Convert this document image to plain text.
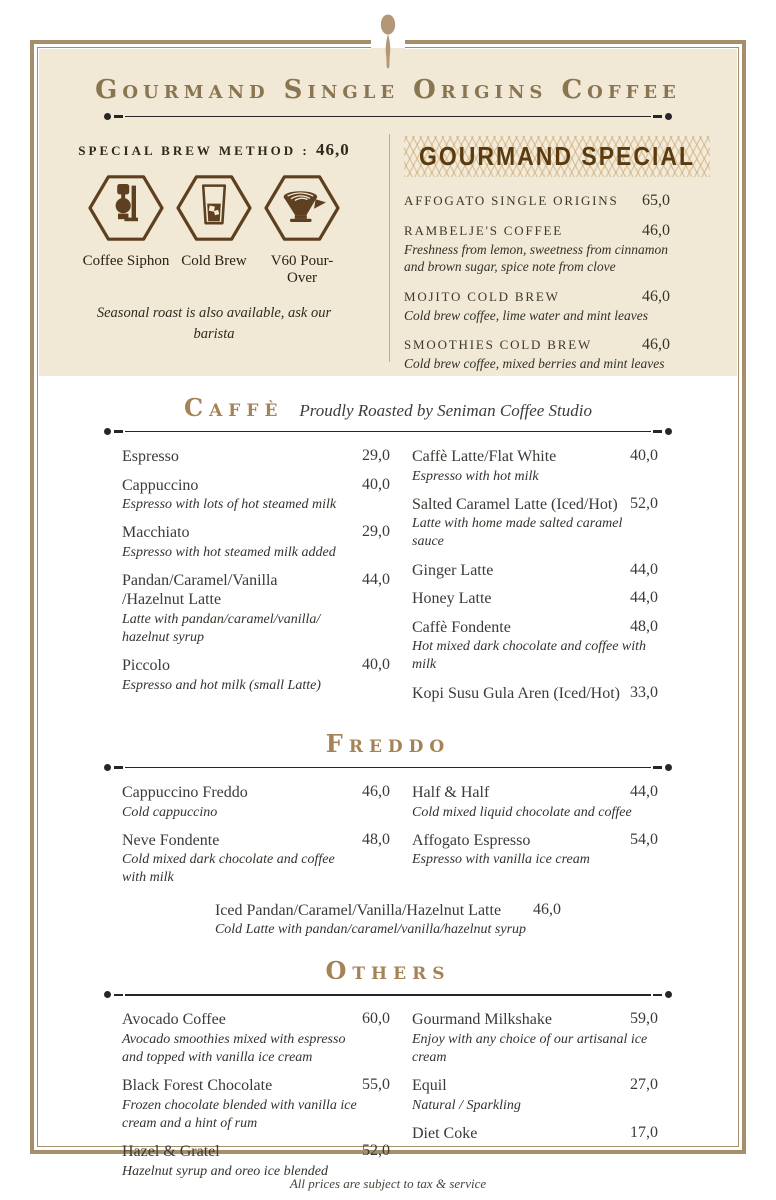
Gourmand Single Origins Coffee
SPECIAL BREW METHOD : 46,0
Coffee Siphon Cold Brew	V60 Pour-Over
Seasonal roast is also available, ask our barista
GOURMAND SPECIAL
AFFOGATO SINGLE ORIGINS 65,0
RAMBELJE'S COFFEE	46,0
Freshness from lemon, sweetness from cinnamon and brown sugar, spice note from clove
MOJITO COLD BREW	46,0
Cold brew coffee, lime water and mint leaves
SMOOTHIES COLD BREW	46,0
Cold brew coffee, mixed berries and mint leaves
Caffè Proudly Roasted by Seniman Coffee Studio
Espresso	29,0
Cappuccino	40,0
Espresso with lots of hot steamed milk
Macchiato	29,0
Espresso with hot steamed milk added
Pandan/Caramel/Vanilla /Hazelnut Latte
44,0
Latte with pandan/caramel/vanilla/ hazelnut syrup
Piccolo	40,0
Espresso and hot milk (small Latte)
Caffè Latte/Flat White	40,0
Espresso with hot milk
Salted Caramel Latte (Iced/Hot) 52,0
Latte with home made salted caramel sauce
Ginger Latte	44,0
Honey Latte	44,0
Caffè Fondente	48,0
Hot mixed dark chocolate and coffee with milk
Kopi Susu Gula Aren (Iced/Hot) 33,0
Freddo
Cappuccino Freddo	46,0
Cold cappuccino
Neve Fondente	48,0
Cold mixed dark chocolate and coffee with milk
Half & Half	44,0
Cold mixed liquid chocolate and coffee
Affogato Espresso	54,0
Espresso with vanilla ice cream
Iced Pandan/Caramel/Vanilla/Hazelnut Latte 46,0
Cold Latte with pandan/caramel/vanilla/hazelnut syrup
Others
Avocado Coffee	60,0
Avocado smoothies mixed with espresso and topped with vanilla ice cream
Black Forest Chocolate	55,0
Frozen chocolate blended with vanilla ice cream and a hint of rum
Hazel & Gratel	52,0
Hazelnut syrup and oreo ice blended
Gourmand Milkshake	59,0
Enjoy with any choice of our artisanal ice cream
Equil	27,0
Natural / Sparkling
Diet Coke	17,0
All prices are subject to tax & service
